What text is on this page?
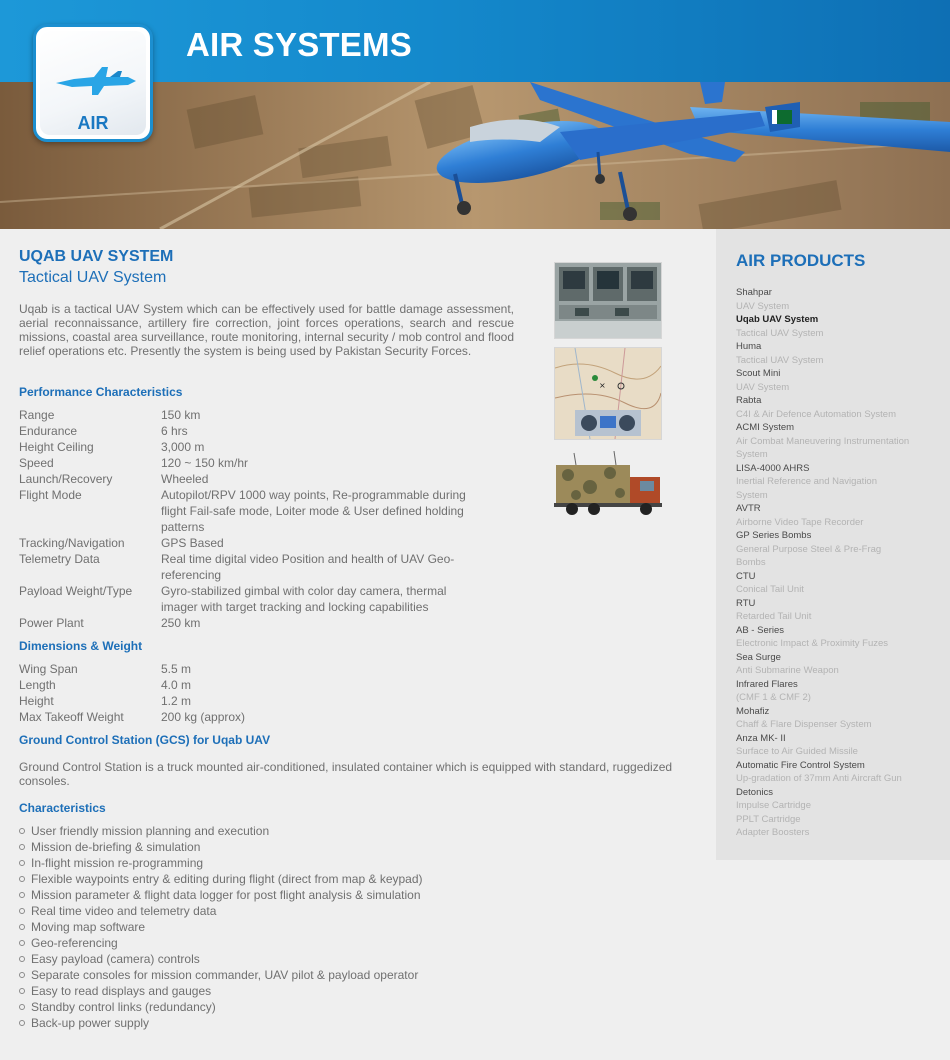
AIR SYSTEMS
AIR
UQAB UAV SYSTEM
Tactical UAV System
Uqab is a tactical UAV System which can be effectively used for battle damage assessment, aerial reconnaissance, artillery fire correction, joint forces operations, search and rescue missions, coastal area surveillance, route monitoring, internal security / mob control and flood relief operations etc. Presently the system is being used by Pakistan Security Forces.
Performance Characteristics
Range	150 km
Endurance	6 hrs
Height Ceiling	3,000 m
Speed	120 ~ 150 km/hr
Launch/Recovery	Wheeled
Flight Mode	Autopilot/RPV 1000 way points, Re-programmable during flight Fail-safe mode, Loiter mode & User defined holding patterns
Tracking/Navigation	GPS Based
Telemetry Data	Real time digital video Position and health of UAV Geo-referencing
Payload Weight/Type	Gyro-stabilized gimbal with color day camera, thermal imager with target tracking and locking capabilities
Power Plant	250 km
Dimensions & Weight
Wing Span	5.5 m
Length	4.0 m
Height	1.2 m
Max Takeoff Weight	200 kg (approx)
Ground Control Station (GCS) for Uqab UAV
Ground Control Station is a truck mounted air-conditioned, insulated container which is equipped with standard, ruggedized consoles.
Characteristics
User friendly mission planning and execution
Mission de-briefing & simulation
In-flight mission re-programming
Flexible waypoints entry & editing during flight (direct from map & keypad)
Mission parameter & flight data logger for post flight analysis & simulation
Real time video and telemetry data
Moving map software
Geo-referencing
Easy payload (camera) controls
Separate consoles for mission commander, UAV pilot & payload operator
Easy to read displays and gauges
Standby control links (redundancy)
Back-up power supply
×
AIR PRODUCTS
Shahpar
UAV System
Uqab UAV System
Tactical UAV System
Huma
Tactical UAV System
Scout Mini
UAV System
Rabta
C4I & Air Defence Automation System
ACMI System
Air Combat Maneuvering Instrumentation
System
LISA-4000 AHRS
Inertial Reference and Navigation
System
AVTR
Airborne Video Tape Recorder
GP Series Bombs
General Purpose Steel & Pre-Frag
Bombs
CTU
Conical Tail Unit
RTU
Retarded Tail Unit
AB - Series
Electronic Impact & Proximity Fuzes
Sea Surge
Anti Submarine Weapon
Infrared Flares
(CMF 1 & CMF 2)
Mohafiz
Chaff & Flare Dispenser System
Anza MK- II
Surface to Air Guided Missile
Automatic Fire Control System
Up-gradation of 37mm Anti Aircraft Gun
Detonics
Impulse Cartridge
PPLT Cartridge
Adapter Boosters
